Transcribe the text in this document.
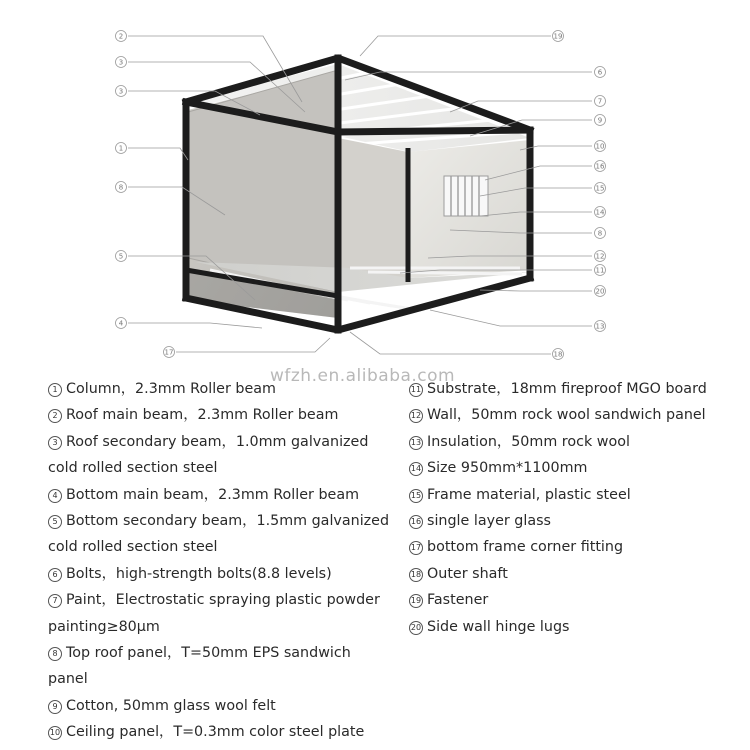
2
3
3
1
8
5
4
17
19
6
7
9
10
16
15
14
8
12
11
20
13
18
wfzh.en.alibaba.com
1 Column，2.3mm Roller beam
2 Roof main beam，2.3mm Roller beam
3 Roof secondary beam，1.0mm galvanized
cold rolled section steel
4 Bottom main beam，2.3mm Roller beam
5 Bottom secondary beam，1.5mm galvanized
cold rolled section steel
6 Bolts，high-strength bolts(8.8 levels)
7 Paint，Electrostatic spraying plastic powder
painting≥80μm
8 Top roof panel，T=50mm EPS sandwich
panel
9 Cotton, 50mm glass wool felt
10 Ceiling panel，T=0.3mm color steel plate
11 Substrate，18mm fireproof MGO board
12 Wall，50mm rock wool sandwich panel
13 Insulation，50mm rock wool
14 Size 950mm*1100mm
15 Frame material, plastic steel
16 single layer glass
17 bottom frame corner fitting
18 Outer shaft
19 Fastener
20 Side wall hinge lugs
